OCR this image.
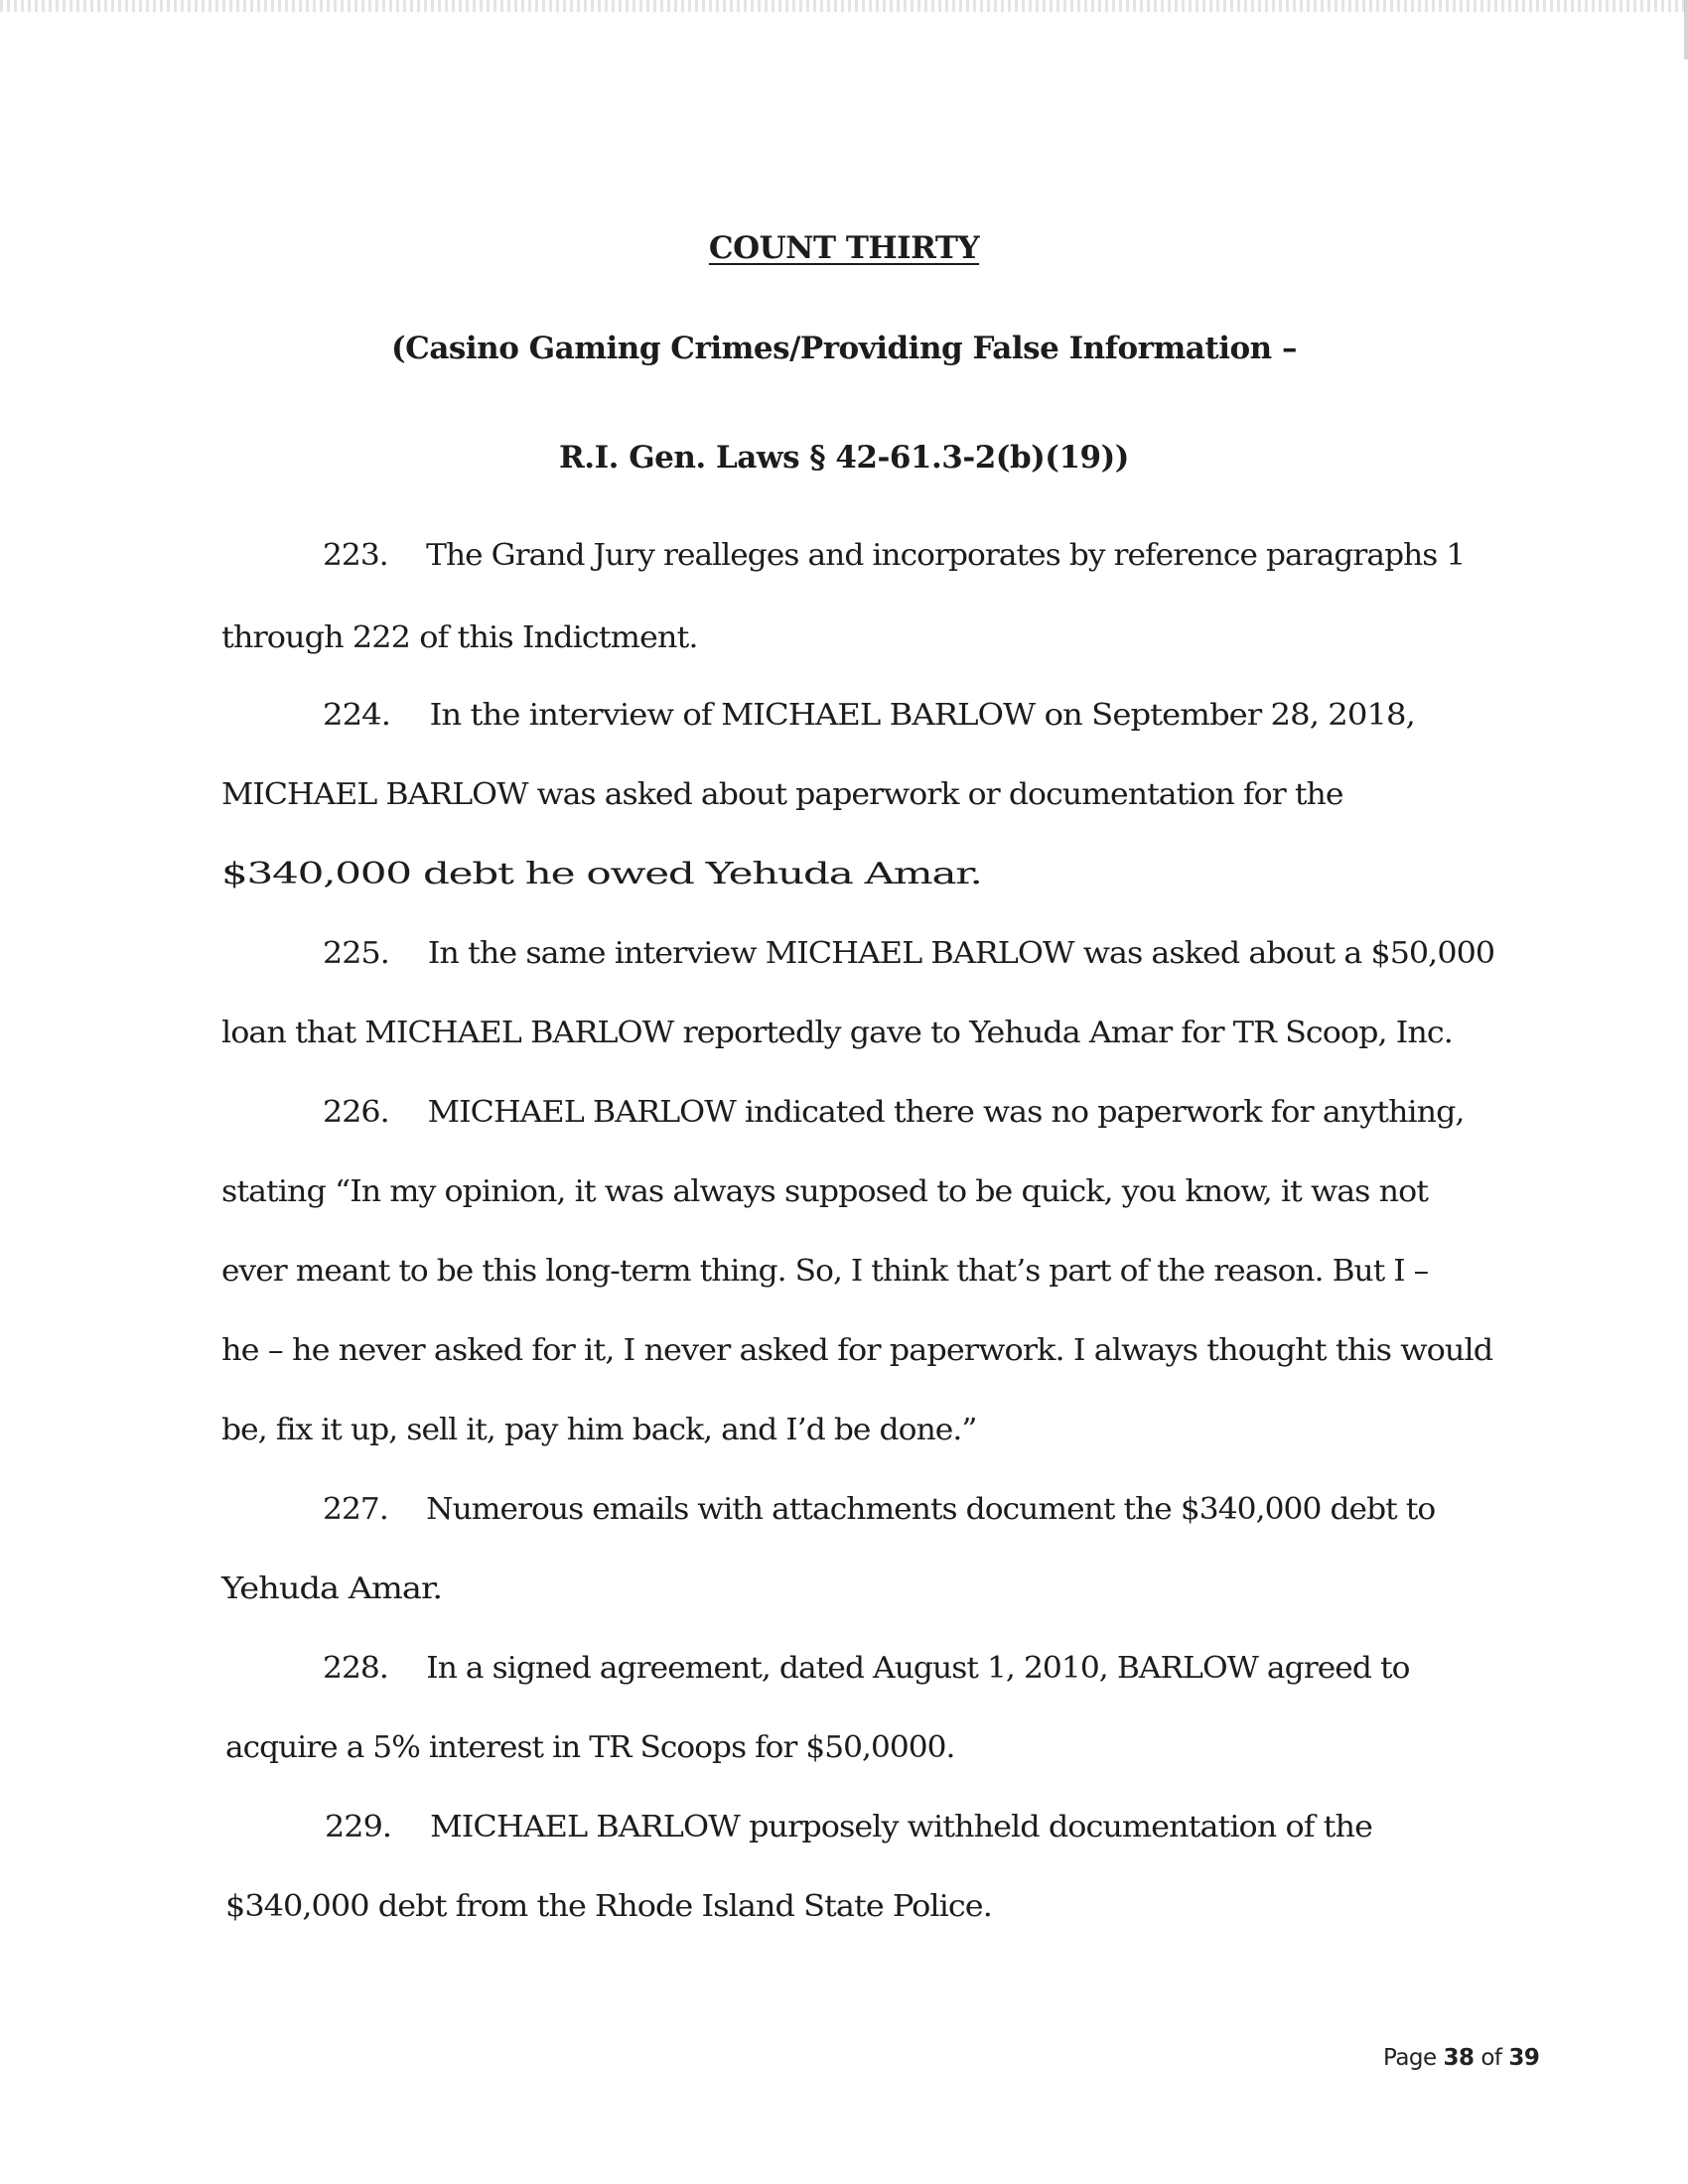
COUNT THIRTY
(Casino Gaming Crimes/Providing False Information –
R.I. Gen. Laws § 42-61.3-2(b)(19))
223. The Grand Jury realleges and incorporates by reference paragraphs 1
through 222 of this Indictment.
224. In the interview of MICHAEL BARLOW on September 28, 2018,
MICHAEL BARLOW was asked about paperwork or documentation for the
$340,000 debt he owed Yehuda Amar.
225. In the same interview MICHAEL BARLOW was asked about a $50,000
loan that MICHAEL BARLOW reportedly gave to Yehuda Amar for TR Scoop, Inc.
226. MICHAEL BARLOW indicated there was no paperwork for anything,
stating “In my opinion, it was always supposed to be quick, you know, it was not
ever meant to be this long-term thing. So, I think that’s part of the reason. But I –
he – he never asked for it, I never asked for paperwork. I always thought this would
be, fix it up, sell it, pay him back, and I’d be done.”
227. Numerous emails with attachments document the $340,000 debt to
Yehuda Amar.
228. In a signed agreement, dated August 1, 2010, BARLOW agreed to
acquire a 5% interest in TR Scoops for $50,0000.
229. MICHAEL BARLOW purposely withheld documentation of the
$340,000 debt from the Rhode Island State Police.
Page 38 of 39
